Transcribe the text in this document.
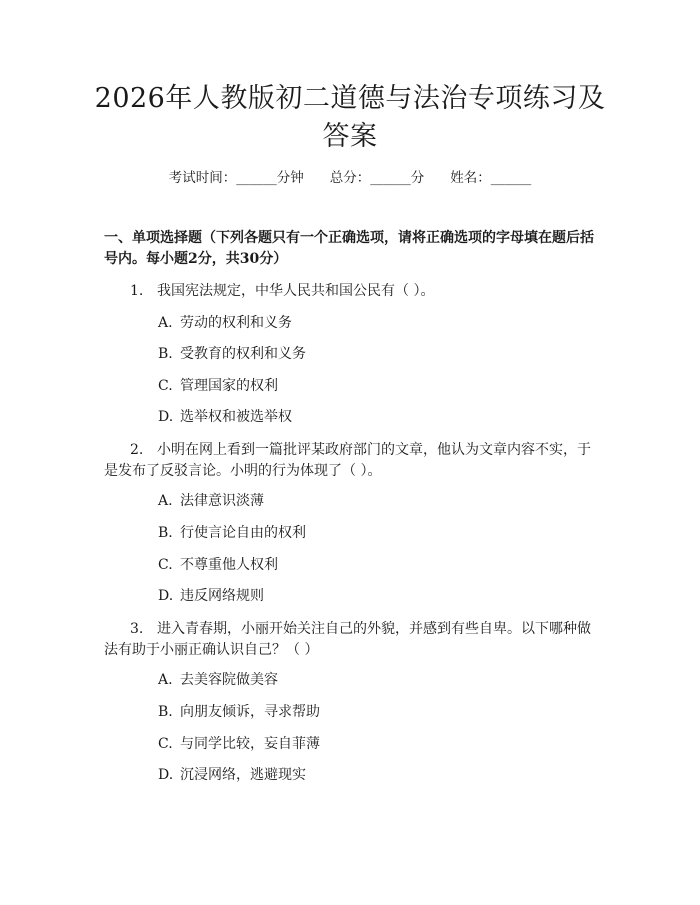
2026年人教版初二道德与法治专项练习及答案
考试时间：______分钟 总分：______分 姓名：______
一、单项选择题（下列各题只有一个正确选项，请将正确选项的字母填在题后括号内。每小题2分，共30分）
1. 我国宪法规定，中华人民共和国公民有（ ）。
A. 劳动的权利和义务
B. 受教育的权利和义务
C. 管理国家的权利
D. 选举权和被选举权
2. 小明在网上看到一篇批评某政府部门的文章，他认为文章内容不实，于是发布了反驳言论。小明的行为体现了（ ）。
A. 法律意识淡薄
B. 行使言论自由的权利
C. 不尊重他人权利
D. 违反网络规则
3. 进入青春期，小丽开始关注自己的外貌，并感到有些自卑。以下哪种做法有助于小丽正确认识自己？（ ）
A. 去美容院做美容
B. 向朋友倾诉，寻求帮助
C. 与同学比较，妄自菲薄
D. 沉浸网络，逃避现实
